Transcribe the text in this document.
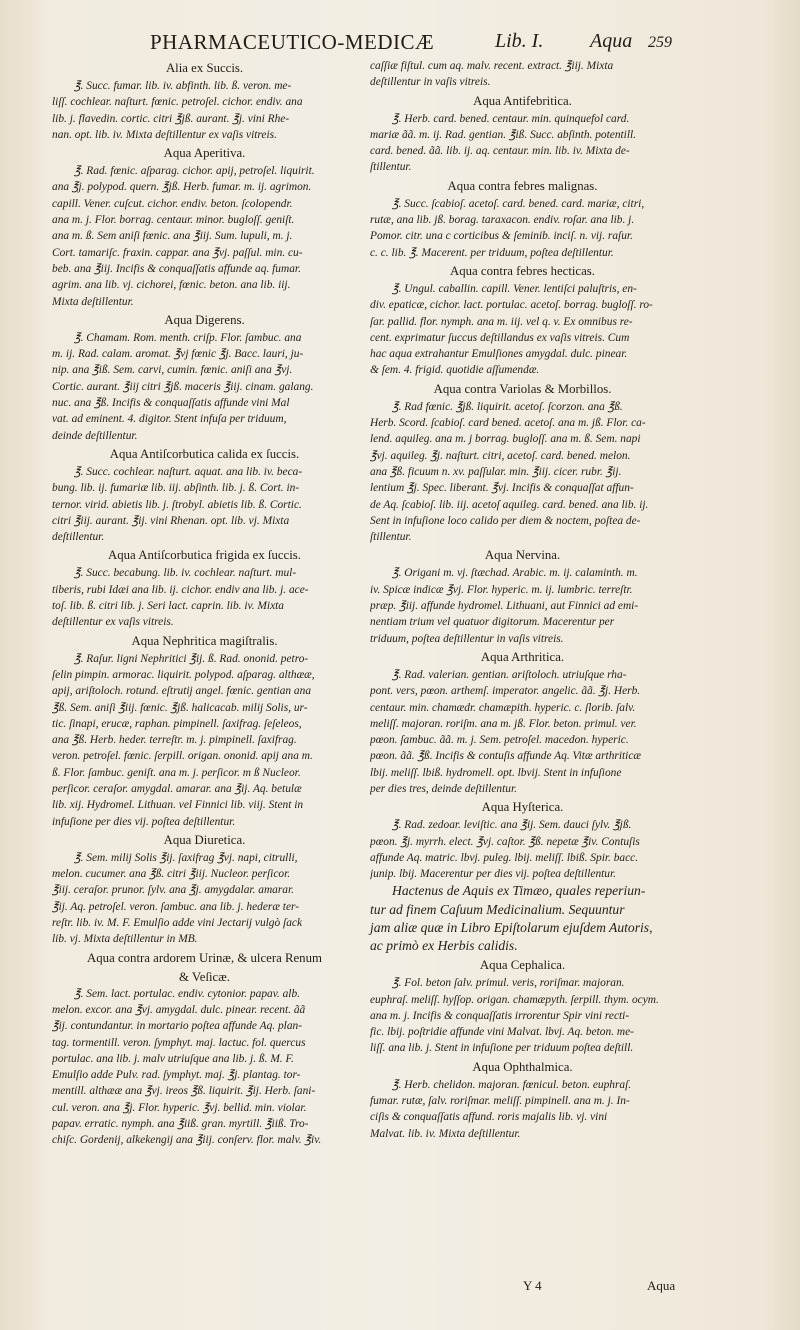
PHARMACEUTICO-MEDICÆ	Lib. I. Aqua 259
Alia ex Succis.
℥. Succ. fumar. lib. iv. abfinth. lib. ß. veron. me-
liſſ. cochlear. naſturt. fœnic. petroſel. cichor. endiv. ana
lib. j. flavedin. cortic. citri ℥jß. aurant. ℥j. vini Rhe-
nan. opt. lib. iv. Mixta deſtillentur ex vaſis vitreis.
Aqua Aperitiva.
℥. Rad. fœnic. aſparag. cichor. apij, petroſel. liquirit.
ana ℥j. polypod. quern. ℥jß. Herb. fumar. m. ij. agrimon.
capill. Vener. cuſcut. cichor. endiv. beton. ſcolopendr.
ana m. j. Flor. borrag. centaur. minor. bugloſſ. geniſt.
ana m. ß. Sem aniſi fœnic. ana ℥iij. Sum. lupuli, m. j.
Cort. tamariſc. fraxin. cappar. ana ℥vj. paſſul. min. cu-
beb. ana ℥iij. Incifis & conquaſſatis affunde aq. fumar.
agrim. ana lib. vj. cichorei, fœnic. beton. ana lib. iij.
Mixta deſtillentur.
Aqua Digerens.
℥. Chamam. Rom. menth. criſp. Flor. ſambuc. ana
m. ij. Rad. calam. aromat. ℥vj fœnic ℥j. Bacc. lauri, ju-
nip. ana ℥iß. Sem. carvi, cumin. fœnic. aniſi ana ℥vj.
Cortic. aurant. ℥iij citri ℥jß. maceris ℥iij. cinam. galang.
nuc. ana ℥ß. Incifis & conquaſſatis affunde vini Mal
vat. ad eminent. 4. digitor. Stent infuſa per triduum,
deinde deſtillentur.
Aqua Antiſcorbutica calida ex ſuccis.
℥. Succ. cochlear. naſturt. aquat. ana lib. iv. beca-
bung. lib. ij. fumariæ lib. iij. abſinth. lib. j. ß. Cort. in-
ternor. virid. abietis lib. j. ſtrobyl. abietis lib. ß. Cortic.
citri ℥iij. aurant. ℥ij. vini Rhenan. opt. lib. vj. Mixta
deſtillentur.
Aqua Antiſcorbutica frigida ex ſuccis.
℥. Succ. becabung. lib. iv. cochlear. naſturt. mul-
tiberis, rubi Idæi ana lib. ij. cichor. endiv ana lib. j. ace-
toſ. lib. ß. citri lib. j. Seri lact. caprin. lib. iv. Mixta
deſtillentur ex vaſis vitreis.
Aqua Nephritica magiſtralis.
℥. Raſur. ligni Nephritici ℥ij. ß. Rad. ononid. petro-
ſelin pimpin. armorac. liquirit. polypod. aſparag. althææ,
apij, ariſtoloch. rotund. eſtrutij angel. fœnic. gentian ana
℥ß. Sem. aniſi ℥iij. fœnic. ℥jß. halicacab. milij Solis, ur-
tic. ſinapi, erucæ, raphan. pimpinell. ſaxifrag. ſeſeleos,
ana ℥ß. Herb. heder. terreſtr. m. j. pimpinell. ſaxifrag.
veron. petroſel. fœnic. ſerpill. origan. ononid. apij ana m.
ß. Flor. ſambuc. geniſt. ana m. j. perſicor. m ß Nucleor.
perſicor. ceraſor. amygdal. amarar. ana ℥ij. Aq. betulæ
lib. xij. Hydromel. Lithuan. vel Finnici lib. viij. Stent in
infuſione per dies vij. poſtea deſtillentur.
Aqua Diuretica.
℥. Sem. milij Solis ℥ij. ſaxifrag ℥vj. napi, citrulli,
melon. cucumer. ana ℥ß. citri ℥iij. Nucleor. perſicor.
℥iij. ceraſor. prunor. ſylv. ana ℥j. amygdalar. amarar.
℥ij. Aq. petroſel. veron. ſambuc. ana lib. j. hederæ ter-
reſtr. lib. iv. M. F. Emulſio adde vini Jectarij vulgò ſack
lib. vj. Mixta deſtillentur in MB.
Aqua contra ardorem Urinæ, & ulcera Renum
& Veſicæ.
℥. Sem. lact. portulac. endiv. cytonior. papav. alb.
melon. excor. ana ℥vj. amygdal. dulc. pinear. recent. ãã
℥ij. contundantur. in mortario poſtea affunde Aq. plan-
tag. tormentill. veron. ſymphyt. maj. lactuc. fol. quercus
portulac. ana lib. j. malv utriuſque ana lib. j. ß. M. F.
Emulſio adde Pulv. rad. ſymphyt. maj. ℥j. plantag. tor-
mentill. althææ ana ℥vj. ireos ℥ß. liquirit. ℥ij. Herb. ſani-
cul. veron. ana ℥j. Flor. hyperic. ℥vj. bellid. min. violar.
papav. erratic. nymph. ana ℥iiß. gran. myrtill. ℥iiß. Tro-
chiſc. Gordenij, alkekengij ana ℥iij. conſerv. flor. malv. ℥iv.
caſſiæ fiſtul. cum aq. malv. recent. extract. ℥iij. Mixta
deſtillentur in vaſis vitreis.
Aqua Antifebritica.
℥. Herb. card. bened. centaur. min. quinquefol card.
mariæ ãã. m. ij. Rad. gentian. ℥iß. Succ. abſinth. potentill.
card. bened. ãã. lib. ij. aq. centaur. min. lib. iv. Mixta de-
ſtillentur.
Aqua contra febres malignas.
℥. Succ. ſcabioſ. acetoſ. card. bened. card. mariæ, citri,
rutæ, ana lib. jß. borag. taraxacon. endiv. roſar. ana lib. j.
Pomor. citr. una c corticibus & ſeminib. inciſ. n. vij. raſur.
c. c. lib. ℥. Macerent. per triduum, poſtea deſtillentur.
Aqua contra febres hecticas.
℥. Ungul. caballin. capill. Vener. lentiſci paluſtris, en-
div. epaticæ, cichor. lact. portulac. acetoſ. borrag. bugloſſ. ro-
ſar. pallid. flor. nymph. ana m. iij. vel q. v. Ex omnibus re-
cent. exprimatur ſuccus deſtillandus ex vaſis vitreis. Cum
hac aqua extrahantur Emulſiones amygdal. dulc. pinear.
& ſem. 4. frigid. quotidie aſſumendæ.
Aqua contra Variolas & Morbillos.
℥. Rad fœnic. ℥jß. liquirit. acetoſ. ſcorzon. ana ℥ß.
Herb. Scord. ſcabioſ. card bened. acetoſ. ana m. jß. Flor. ca-
lend. aquileg. ana m. j borrag. bugloſſ. ana m. ß. Sem. napi
℥vj. aquileg. ℥j. naſturt. citri, acetoſ. card. bened. melon.
ana ℥ß. ficuum n. xv. paſſular. min. ℥iij. cicer. rubr. ℥ij.
lentium ℥j. Spec. liberant. ℥vj. Incifis & conquaſſat affun-
de Aq. ſcabioſ. lib. iij. acetoſ aquileg. card. bened. ana lib. ij.
Sent in infuſione loco calido per diem & noctem, poſtea de-
ſtillentur.
Aqua Nervina.
℥. Origani m. vj. ſtæchad. Arabic. m. ij. calaminth. m.
iv. Spicæ indicæ ℥vj. Flor. hyperic. m. ij. lumbric. terreſtr.
præp. ℥iij. affunde hydromel. Lithuani, aut Finnici ad emi-
nentiam trium vel quatuor digitorum. Macerentur per
triduum, poſtea deſtillentur in vaſis vitreis.
Aqua Arthritica.
℥. Rad. valerian. gentian. ariſtoloch. utriuſque rha-
pont. vers, pœon. arthemſ. imperator. angelic. ãã. ℥j. Herb.
centaur. min. chamædr. chamæpith. hyperic. c. ſlorib. ſalv.
meliſſ. majoran. roriſm. ana m. jß. Flor. beton. primul. ver.
pœon. ſambuc. ãã. m. j. Sem. petroſel. macedon. hyperic.
pœon. ãã. ℥ß. Incifis & contuſis affunde Aq. Vitæ arthriticæ
lbij. meliſſ. lbiß. hydromell. opt. lbvij. Stent in infuſione
per dies tres, deinde deſtillentur.
Aqua Hyſterica.
℥. Rad. zedoar. leviſtic. ana ℥ij. Sem. dauci ſylv. ℥jß.
pœon. ℥j. myrrh. elect. ℥vj. caſtor. ℥ß. nepetæ ℥iv. Contuſis
affunde Aq. matric. lbvj. puleg. lbij. meliſſ. lbiß. Spir. bacc.
junip. lbij. Macerentur per dies vij. poſtea deſtillentur.
Hactenus de Aquis ex Timæo, quales reperiun-
tur ad finem Caſuum Medicinalium. Sequuntur
jam aliæ quæ in Libro Epiſtolarum ejuſdem Autoris,
ac primò ex Herbis calidis.
Aqua Cephalica.
℥. Fol. beton ſalv. primul. veris, roriſmar. majoran.
euphraſ. meliſſ. hyſſop. origan. chamæpyth. ſerpill. thym. ocym.
ana m. j. Incifis & conquaſſatis irrorentur Spir vini recti-
fic. lbij. poſtridie affunde vini Malvat. lbvj. Aq. beton. me-
liſſ. ana lib. j. Stent in infuſione per triduum poſtea deſtill.
Aqua Ophthalmica.
℥. Herb. chelidon. majoran. fœnicul. beton. euphraſ.
fumar. rutæ, ſalv. roriſmar. meliſſ. pimpinell. ana m. j. In-
ciſis & conquaſſatis affund. roris majalis lib. vj. vini
Malvat. lib. iv. Mixta deſtillentur.
Y 4	Aqua
